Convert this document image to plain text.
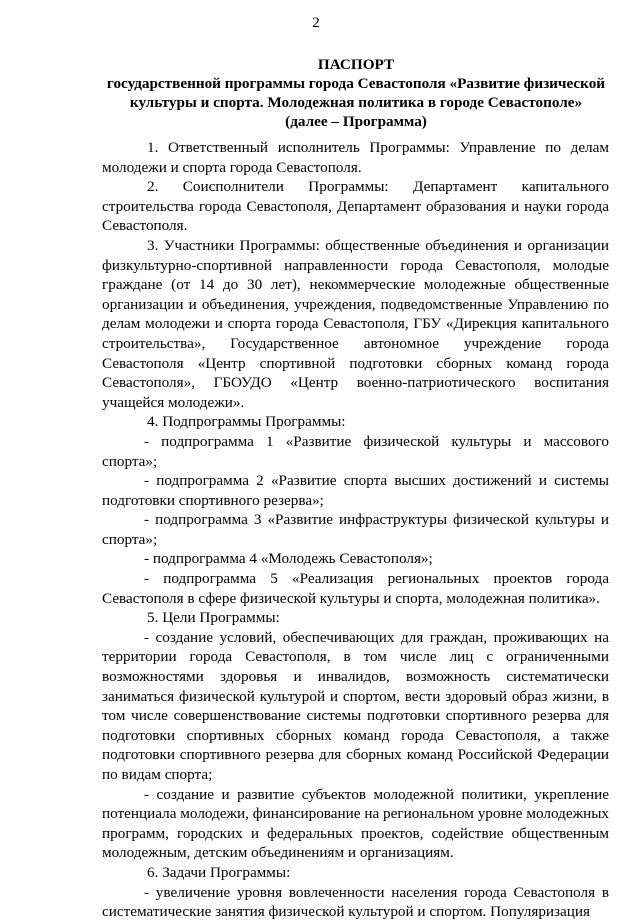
2
ПАСПОРТ
государственной программы города Севастополя «Развитие физической
культуры и спорта. Молодежная политика в городе Севастополе»
(далее – Программа)

1. Ответственный исполнитель Программы: Управление по делам молодежи и спорта города Севастополя.

2. Соисполнители Программы: Департамент капитального строительства города Севастополя, Департамент образования и науки города Севастополя.

3. Участники Программы: общественные объединения и организации физкультурно-спортивной направленности города Севастополя, молодые граждане (от 14 до 30 лет), некоммерческие молодежные общественные организации и объединения, учреждения, подведомственные Управлению по делам молодежи и спорта города Севастополя, ГБУ «Дирекция капитального строительства», Государственное автономное учреждение города Севастополя «Центр спортивной подготовки сборных команд города Севастополя», ГБОУДО «Центр военно-патриотического воспитания учащейся молодежи».

4. Подпрограммы Программы:

- подпрограмма 1 «Развитие физической культуры и массового спорта»;

- подпрограмма 2 «Развитие спорта высших достижений и системы подготовки спортивного резерва»;

- подпрограмма 3 «Развитие инфраструктуры физической культуры и спорта»;

- подпрограмма 4 «Молодежь Севастополя»;

- подпрограмма 5 «Реализация региональных проектов города Севастополя в сфере физической культуры и спорта, молодежная политика».

5. Цели Программы:

- создание условий, обеспечивающих для граждан, проживающих на территории города Севастополя, в том числе лиц с ограниченными возможностями здоровья и инвалидов, возможность систематически заниматься физической культурой и спортом, вести здоровый образ жизни, в том числе совершенствование системы подготовки спортивного резерва для подготовки спортивных сборных команд города Севастополя, а также подготовки спортивного резерва для сборных команд Российской Федерации по видам спорта;

- создание и развитие субъектов молодежной политики, укрепление потенциала молодежи, финансирование на региональном уровне молодежных программ, городских и федеральных проектов, содействие общественным молодежным, детским объединениям и организациям.

6. Задачи Программы:

- увеличение уровня вовлеченности населения города Севастополя в систематические занятия физической культурой и спортом. Популяризация
